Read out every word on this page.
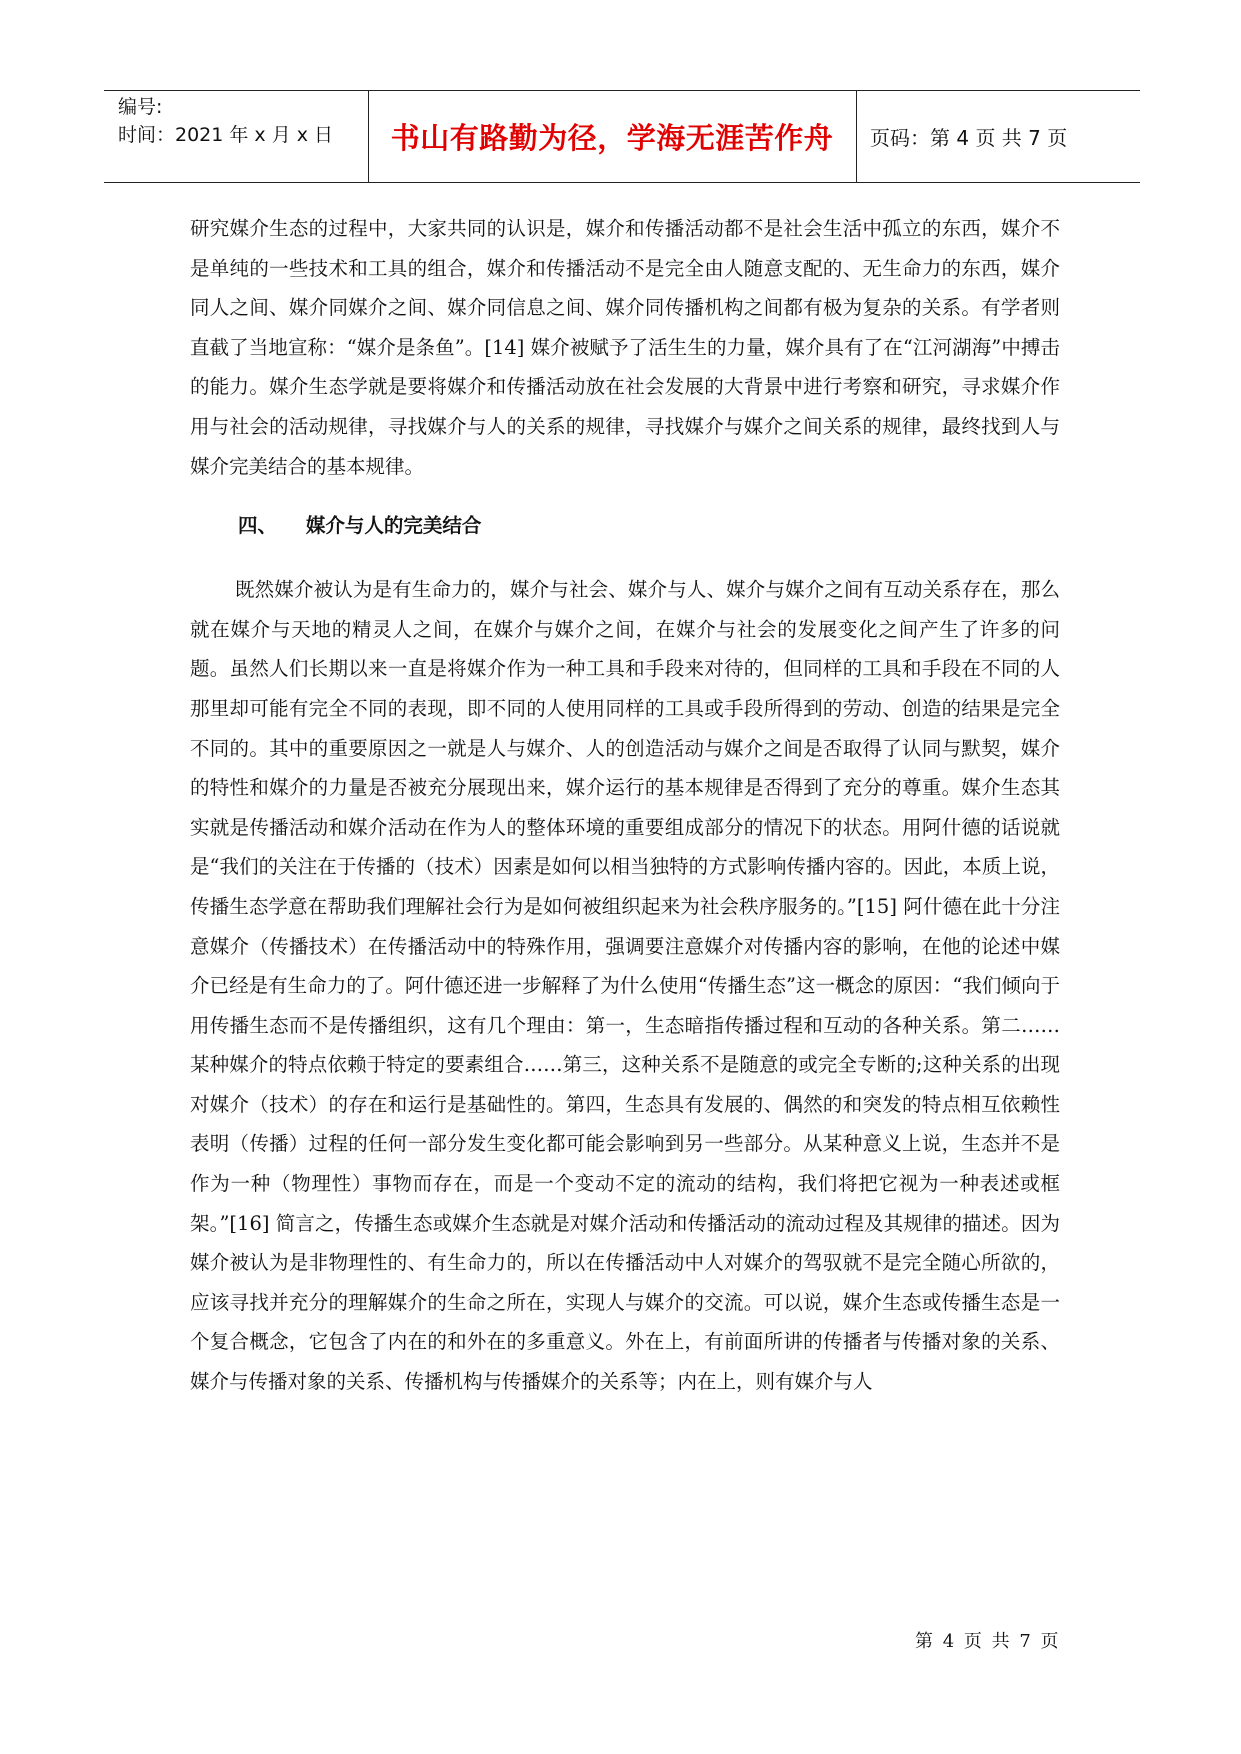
编号:
时间：2021 年 x 月 x 日	书山有路勤为径，学海无涯苦作舟	页码：第 4 页 共 7 页

研究媒介生态的过程中，大家共同的认识是，媒介和传播活动都不是社会生活中孤立的东西，媒介不是单纯的一些技术和工具的组合，媒介和传播活动不是完全由人随意支配的、无生命力的东西，媒介同人之间、媒介同媒介之间、媒介同信息之间、媒介同传播机构之间都有极为复杂的关系。有学者则直截了当地宣称：“媒介是条鱼”。[14] 媒介被赋予了活生生的力量，媒介具有了在“江河湖海”中搏击的能力。媒介生态学就是要将媒介和传播活动放在社会发展的大背景中进行考察和研究，寻求媒介作用与社会的活动规律，寻找媒介与人的关系的规律，寻找媒介与媒介之间关系的规律，最终找到人与媒介完美结合的基本规律。

四、 媒介与人的完美结合

既然媒介被认为是有生命力的，媒介与社会、媒介与人、媒介与媒介之间有互动关系存在，那么就在媒介与天地的精灵人之间，在媒介与媒介之间，在媒介与社会的发展变化之间产生了许多的问题。虽然人们长期以来一直是将媒介作为一种工具和手段来对待的，但同样的工具和手段在不同的人那里却可能有完全不同的表现，即不同的人使用同样的工具或手段所得到的劳动、创造的结果是完全不同的。其中的重要原因之一就是人与媒介、人的创造活动与媒介之间是否取得了认同与默契，媒介的特性和媒介的力量是否被充分展现出来，媒介运行的基本规律是否得到了充分的尊重。媒介生态其实就是传播活动和媒介活动在作为人的整体环境的重要组成部分的情况下的状态。用阿什德的话说就是“我们的关注在于传播的（技术）因素是如何以相当独特的方式影响传播内容的。因此，本质上说，传播生态学意在帮助我们理解社会行为是如何被组织起来为社会秩序服务的。”[15] 阿什德在此十分注意媒介（传播技术）在传播活动中的特殊作用，强调要注意媒介对传播内容的影响，在他的论述中媒介已经是有生命力的了。阿什德还进一步解释了为什么使用“传播生态”这一概念的原因：“我们倾向于用传播生态而不是传播组织，这有几个理由：第一，生态暗指传播过程和互动的各种关系。第二……某种媒介的特点依赖于特定的要素组合……第三，这种关系不是随意的或完全专断的;这种关系的出现对媒介（技术）的存在和运行是基础性的。第四，生态具有发展的、偶然的和突发的特点相互依赖性表明（传播）过程的任何一部分发生变化都可能会影响到另一些部分。从某种意义上说，生态并不是作为一种（物理性）事物而存在，而是一个变动不定的流动的结构，我们将把它视为一种表述或框架。”[16] 简言之，传播生态或媒介生态就是对媒介活动和传播活动的流动过程及其规律的描述。因为媒介被认为是非物理性的、有生命力的，所以在传播活动中人对媒介的驾驭就不是完全随心所欲的，应该寻找并充分的理解媒介的生命之所在，实现人与媒介的交流。可以说，媒介生态或传播生态是一个复合概念，它包含了内在的和外在的多重意义。外在上，有前面所讲的传播者与传播对象的关系、媒介与传播对象的关系、传播机构与传播媒介的关系等；内在上，则有媒介与人

第 4 页 共 7 页
